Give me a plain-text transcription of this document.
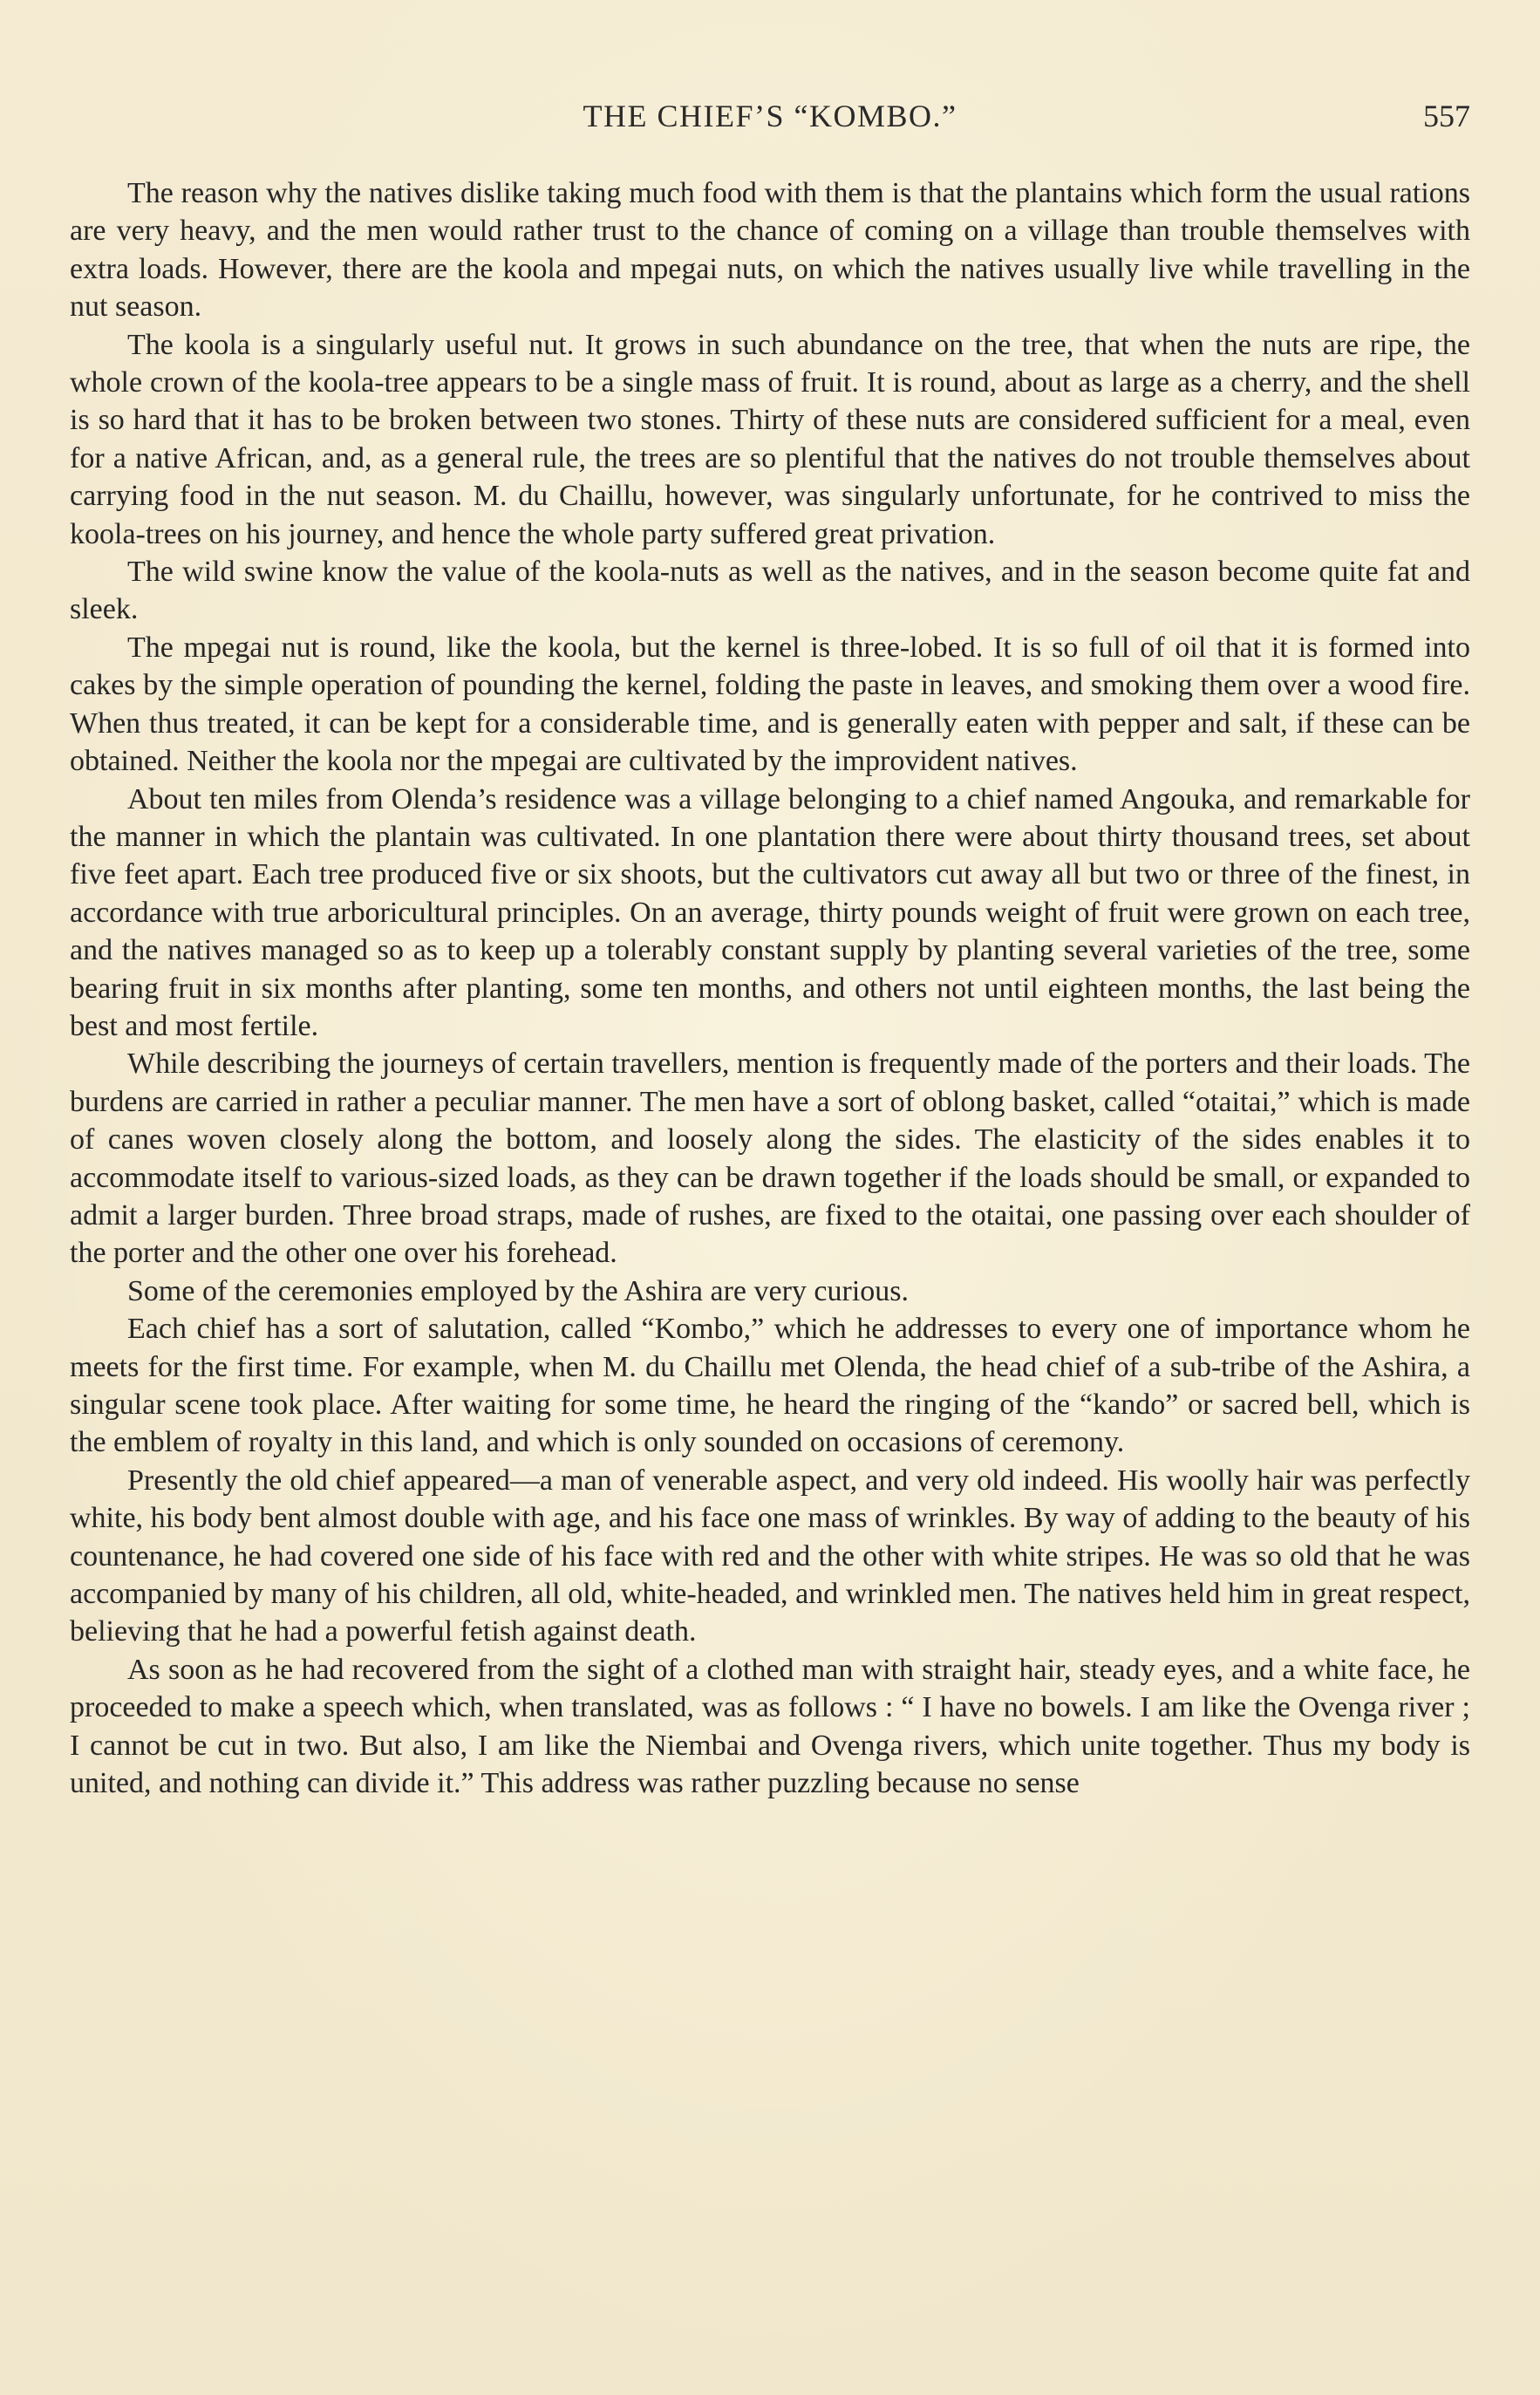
THE CHIEF’S “KOMBO.”	557

The reason why the natives dislike taking much food with them is that the plantains which form the usual rations are very heavy, and the men would rather trust to the chance of coming on a village than trouble themselves with extra loads. However, there are the koola and mpegai nuts, on which the natives usually live while travelling in the nut season.

The koola is a singularly useful nut. It grows in such abundance on the tree, that when the nuts are ripe, the whole crown of the koola-tree appears to be a single mass of fruit. It is round, about as large as a cherry, and the shell is so hard that it has to be broken between two stones. Thirty of these nuts are considered sufficient for a meal, even for a native African, and, as a general rule, the trees are so plentiful that the natives do not trouble themselves about carrying food in the nut season. M. du Chaillu, however, was singularly unfortunate, for he contrived to miss the koola-trees on his journey, and hence the whole party suffered great privation.

The wild swine know the value of the koola-nuts as well as the natives, and in the season become quite fat and sleek.

The mpegai nut is round, like the koola, but the kernel is three-lobed. It is so full of oil that it is formed into cakes by the simple operation of pounding the kernel, folding the paste in leaves, and smoking them over a wood fire. When thus treated, it can be kept for a considerable time, and is generally eaten with pepper and salt, if these can be obtained. Neither the koola nor the mpegai are cultivated by the improvident natives.

About ten miles from Olenda’s residence was a village belonging to a chief named Angouka, and remarkable for the manner in which the plantain was cultivated. In one plantation there were about thirty thousand trees, set about five feet apart. Each tree produced five or six shoots, but the cultivators cut away all but two or three of the finest, in accordance with true arboricultural principles. On an average, thirty pounds weight of fruit were grown on each tree, and the natives managed so as to keep up a tolerably constant supply by planting several varieties of the tree, some bearing fruit in six months after planting, some ten months, and others not until eighteen months, the last being the best and most fertile.

While describing the journeys of certain travellers, mention is frequently made of the porters and their loads. The burdens are carried in rather a peculiar manner. The men have a sort of oblong basket, called “otaitai,” which is made of canes woven closely along the bottom, and loosely along the sides. The elasticity of the sides enables it to accommodate itself to various-sized loads, as they can be drawn together if the loads should be small, or expanded to admit a larger burden. Three broad straps, made of rushes, are fixed to the otaitai, one passing over each shoulder of the porter and the other one over his forehead.

Some of the ceremonies employed by the Ashira are very curious.

Each chief has a sort of salutation, called “Kombo,” which he addresses to every one of importance whom he meets for the first time. For example, when M. du Chaillu met Olenda, the head chief of a sub-tribe of the Ashira, a singular scene took place. After waiting for some time, he heard the ringing of the “kando” or sacred bell, which is the emblem of royalty in this land, and which is only sounded on occasions of ceremony.

Presently the old chief appeared—a man of venerable aspect, and very old indeed. His woolly hair was perfectly white, his body bent almost double with age, and his face one mass of wrinkles. By way of adding to the beauty of his countenance, he had covered one side of his face with red and the other with white stripes. He was so old that he was accompanied by many of his children, all old, white-headed, and wrinkled men. The natives held him in great respect, believing that he had a powerful fetish against death.

As soon as he had recovered from the sight of a clothed man with straight hair, steady eyes, and a white face, he proceeded to make a speech which, when translated, was as follows : “ I have no bowels. I am like the Ovenga river ; I cannot be cut in two. But also, I am like the Niembai and Ovenga rivers, which unite together. Thus my body is united, and nothing can divide it.” This address was rather puzzling because no sense
